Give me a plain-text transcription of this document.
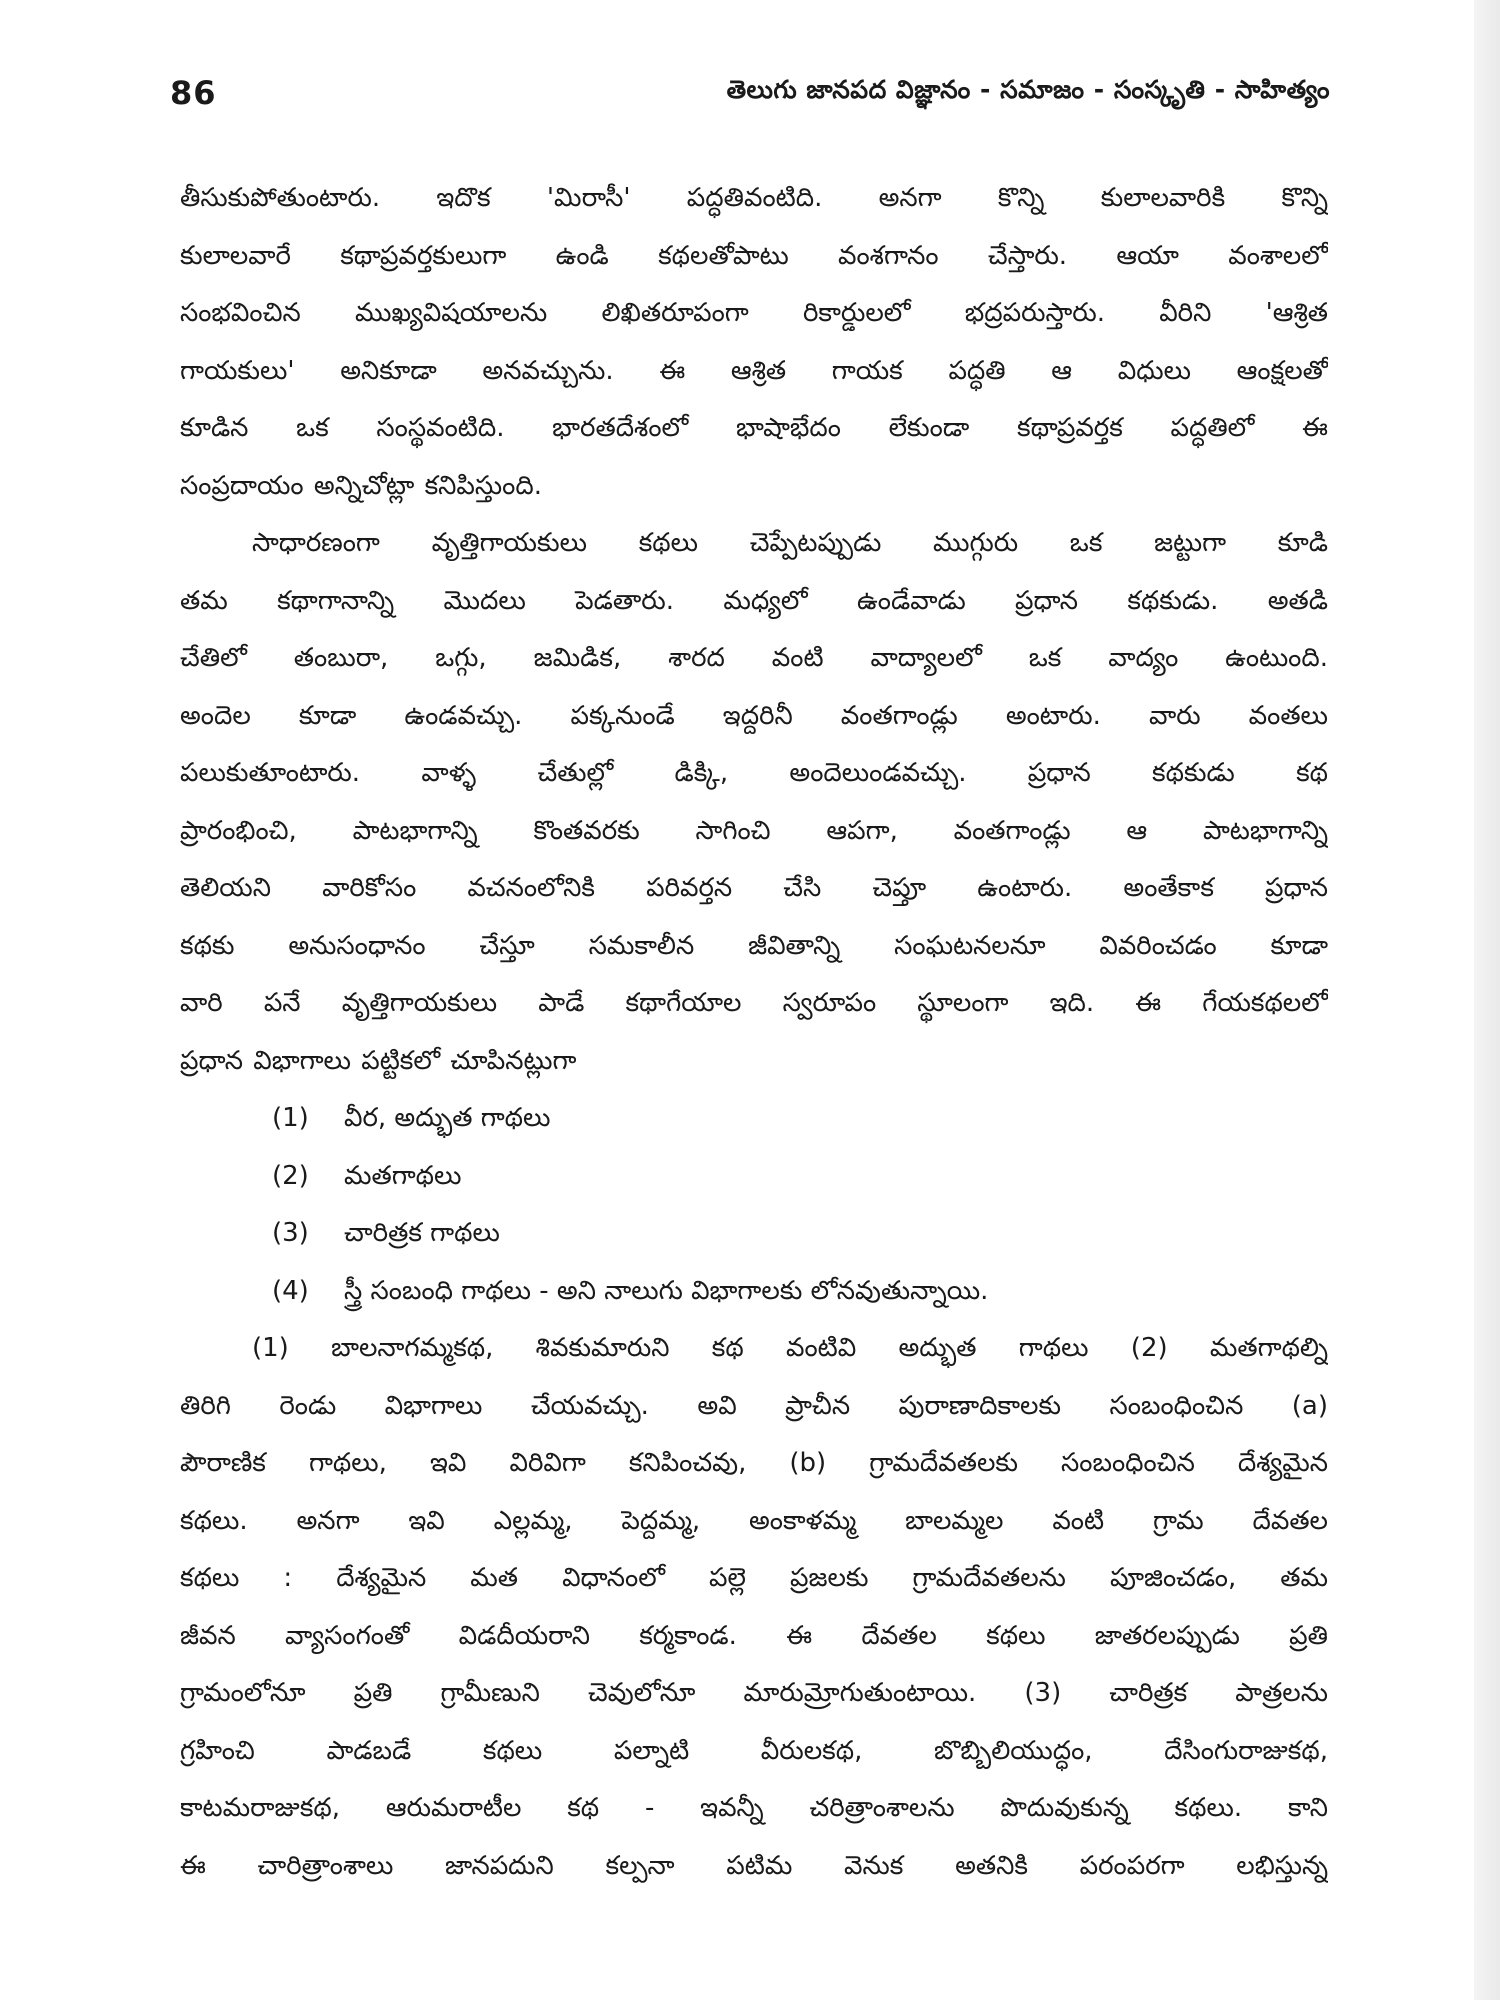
86	తెలుగు జానపద విజ్ఞానం - సమాజం - సంస్కృతి - సాహిత్యం
తీసుకుపోతుంటారు. ఇదొక 'మిరాసీ' పద్ధతివంటిది. అనగా కొన్ని కులాలవారికి కొన్ని
కులాలవారే కథాప్రవర్తకులుగా ఉండి కథలతోపాటు వంశగానం చేస్తారు. ఆయా వంశాలలో
సంభవించిన ముఖ్యవిషయాలను లిఖితరూపంగా రికార్డులలో భద్రపరుస్తారు. వీరిని 'ఆశ్రిత
గాయకులు' అనికూడా అనవచ్చును. ఈ ఆశ్రిత గాయక పద్ధతి ఆ విధులు ఆంక్షలతో
కూడిన ఒక సంస్థవంటిది. భారతదేశంలో భాషాభేదం లేకుండా కథాప్రవర్తక పద్ధతిలో ఈ
సంప్రదాయం అన్నిచోట్లా కనిపిస్తుంది.
సాధారణంగా వృత్తిగాయకులు కథలు చెప్పేటప్పుడు ముగ్గురు ఒక జట్టుగా కూడి
తమ కథాగానాన్ని మొదలు పెడతారు. మధ్యలో ఉండేవాడు ప్రధాన కథకుడు. అతడి
చేతిలో తంబురా, ఒగ్గు, జమిడిక, శారద వంటి వాద్యాలలో ఒక వాద్యం ఉంటుంది.
అందెల కూడా ఉండవచ్చు. పక్కనుండే ఇద్దరినీ వంతగాండ్లు అంటారు. వారు వంతలు
పలుకుతూంటారు. వాళ్ళ చేతుల్లో డిక్కి, అందెలుండవచ్చు. ప్రధాన కథకుడు కథ
ప్రారంభించి, పాటభాగాన్ని కొంతవరకు సాగించి ఆపగా, వంతగాండ్లు ఆ పాటభాగాన్ని
తెలియని వారికోసం వచనంలోనికి పరివర్తన చేసి చెప్తూ ఉంటారు. అంతేకాక ప్రధాన
కథకు అనుసంధానం చేస్తూ సమకాలీన జీవితాన్ని సంఘటనలనూ వివరించడం కూడా
వారి పనే వృత్తిగాయకులు పాడే కథాగేయాల స్వరూపం స్థూలంగా ఇది. ఈ గేయకథలలో
ప్రధాన విభాగాలు పట్టికలో చూపినట్లుగా
(1)	వీర, అద్భుత గాథలు
(2)	మతగాథలు
(3)	చారిత్రక గాథలు
(4)	స్త్రీ సంబంధి గాథలు - అని నాలుగు విభాగాలకు లోనవుతున్నాయి.
(1) బాలనాగమ్మకథ, శివకుమారుని కథ వంటివి అద్భుత గాథలు (2) మతగాథల్ని
తిరిగి రెండు విభాగాలు చేయవచ్చు. అవి ప్రాచీన పురాణాదికాలకు సంబంధించిన (a)
పౌరాణిక గాథలు, ఇవి విరివిగా కనిపించవు, (b) గ్రామదేవతలకు సంబంధించిన దేశ్యమైన
కథలు. అనగా ఇవి ఎల్లమ్మ, పెద్దమ్మ, అంకాళమ్మ బాలమ్మల వంటి గ్రామ దేవతల
కథలు : దేశ్యమైన మత విధానంలో పల్లె ప్రజలకు గ్రామదేవతలను పూజించడం, తమ
జీవన వ్యాసంగంతో విడదీయరాని కర్మకాండ. ఈ దేవతల కథలు జాతరలప్పుడు ప్రతి
గ్రామంలోనూ ప్రతి గ్రామీణుని చెవులోనూ మారుమ్రోగుతుంటాయి. (3) చారిత్రక పాత్రలను
గ్రహించి పాడబడే కథలు పల్నాటి వీరులకథ, బొబ్బిలియుద్ధం, దేసింగురాజుకథ,
కాటమరాజుకథ, ఆరుమరాటీల కథ - ఇవన్నీ చరిత్రాంశాలను పొదువుకున్న కథలు. కాని
ఈ చారిత్రాంశాలు జానపదుని కల్పనా పటిమ వెనుక అతనికి పరంపరగా లభిస్తున్న
